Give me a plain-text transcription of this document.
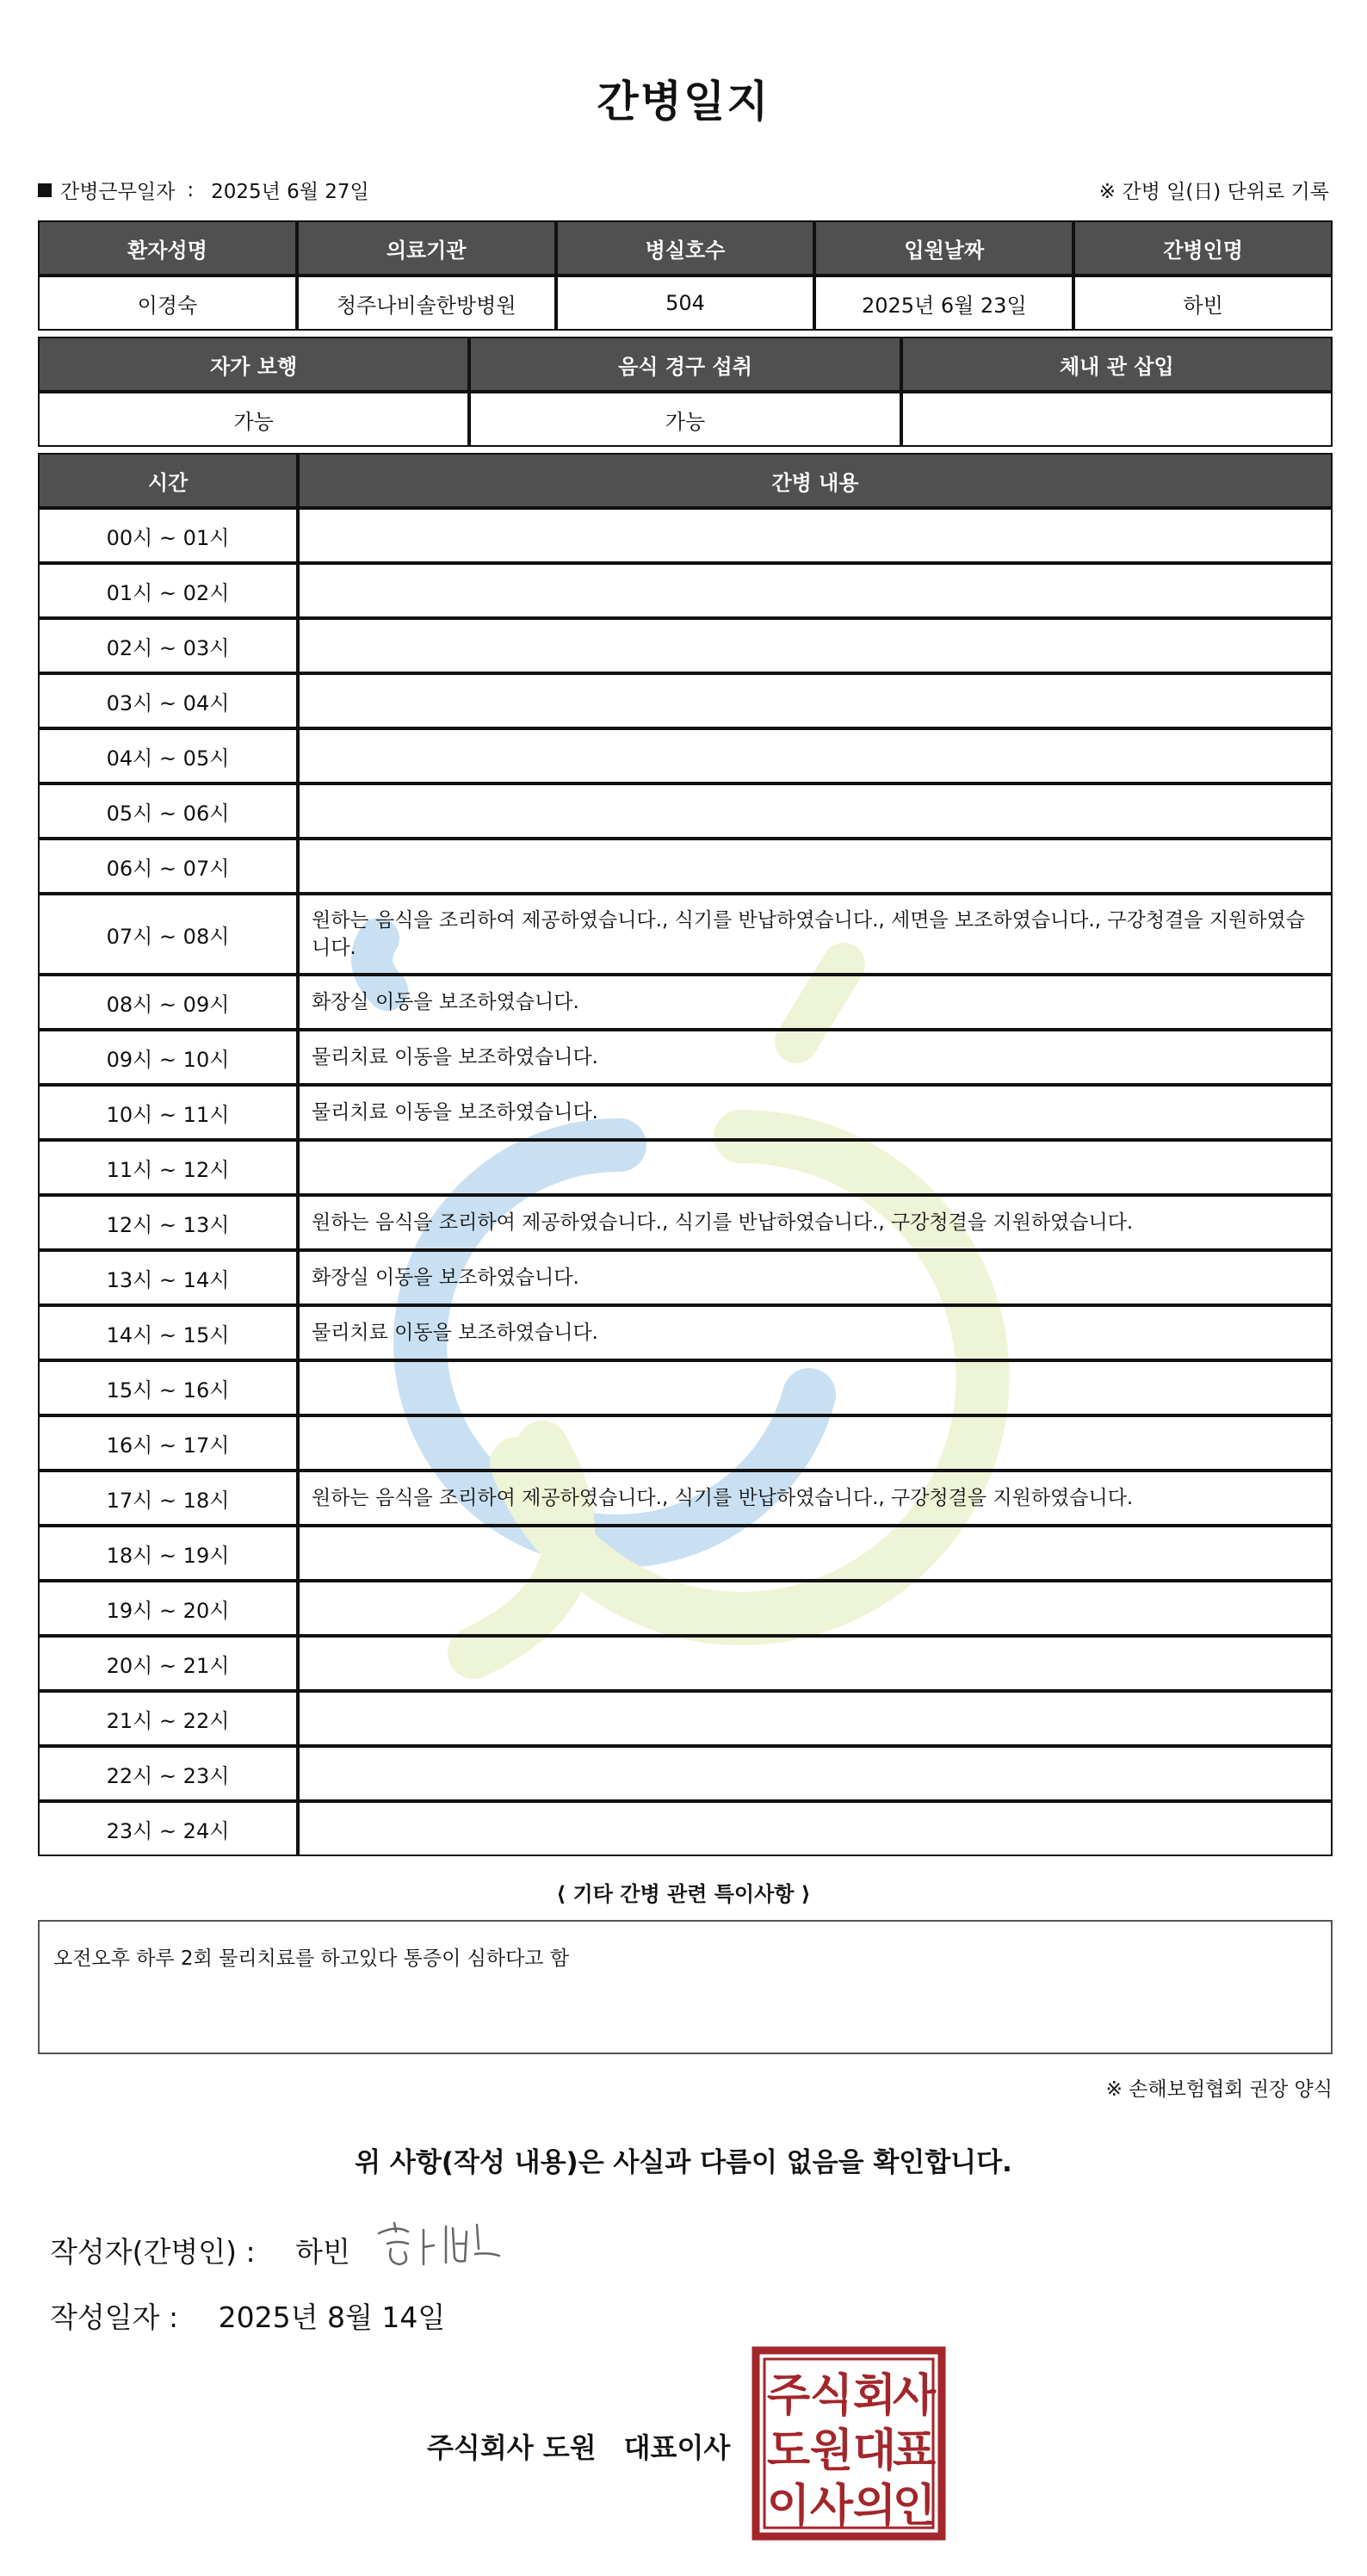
간병일지
간병근무일자 : 2025년 6월 27일	※ 간병 일(日) 단위로 기록
환자성명	의료기관	병실호수	입원날짜	간병인명
이경숙	청주나비솔한방병원	504	2025년 6월 23일	하빈
자가 보행	음식 경구 섭취	체내 관 삽입
가능	가능	
시간	간병 내용
00시 ~ 01시	
01시 ~ 02시	
02시 ~ 03시	
03시 ~ 04시	
04시 ~ 05시	
05시 ~ 06시	
06시 ~ 07시	
07시 ~ 08시	원하는 음식을 조리하여 제공하였습니다., 식기를 반납하였습니다., 세면을 보조하였습니다., 구강청결을 지원하였습니다.
08시 ~ 09시	화장실 이동을 보조하였습니다.
09시 ~ 10시	물리치료 이동을 보조하였습니다.
10시 ~ 11시	물리치료 이동을 보조하였습니다.
11시 ~ 12시	
12시 ~ 13시	원하는 음식을 조리하여 제공하였습니다., 식기를 반납하였습니다., 구강청결을 지원하였습니다.
13시 ~ 14시	화장실 이동을 보조하였습니다.
14시 ~ 15시	물리치료 이동을 보조하였습니다.
15시 ~ 16시	
16시 ~ 17시	
17시 ~ 18시	원하는 음식을 조리하여 제공하였습니다., 식기를 반납하였습니다., 구강청결을 지원하였습니다.
18시 ~ 19시	
19시 ~ 20시	
20시 ~ 21시	
21시 ~ 22시	
22시 ~ 23시	
23시 ~ 24시	
⟨ 기타 간병 관련 특이사항 ⟩
오전오후 하루 2회 물리치료를 하고있다 통증이 심하다고 함
※ 손해보험협회 권장 양식
위 사항(작성 내용)은 사실과 다름이 없음을 확인합니다.
작성자(간병인) : 하빈
작성일자 : 2025년 8월 14일
주식회사 도원 대표이사
주 식 회
사
도 원 대
표
이 사 의
인
